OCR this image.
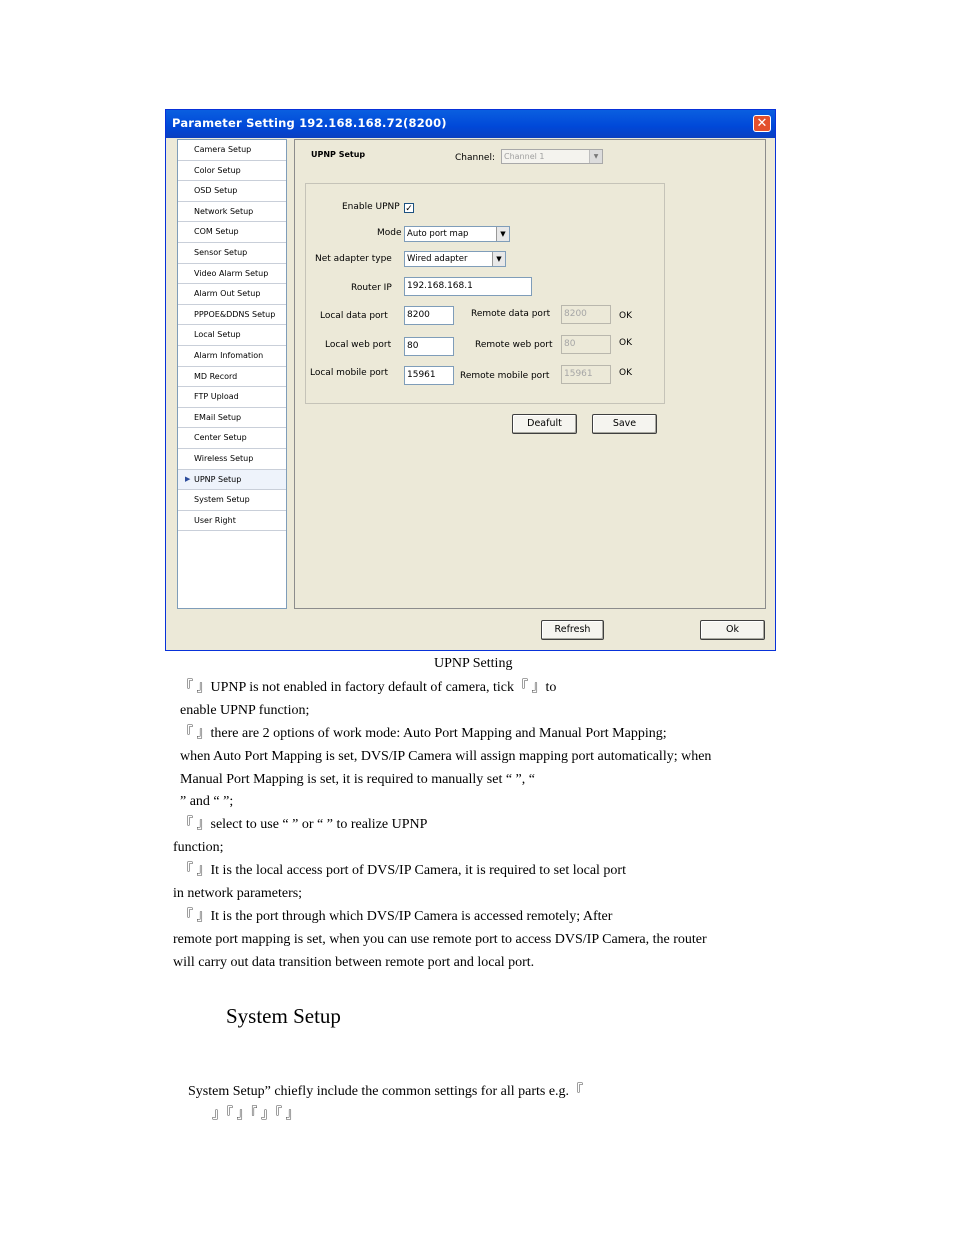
Parameter Setting 192.168.168.72(8200)	✕
Camera Setup
Color Setup
OSD Setup
Network Setup
COM Setup
Sensor Setup
Video Alarm Setup
Alarm Out Setup
PPPOE&DDNS Setup
Local Setup
Alarm Infomation
MD Record
FTP Upload
EMail Setup
Center Setup
Wireless Setup
▶ UPNP Setup
System Setup
User Right
UPNP Setup	Channel:	Channel 1	▼
Enable UPNP ✓
Mode Auto port map	▼
Net adapter type	Wired adapter	▼
Router IP	192.168.168.1
Local data port	8200	Remote data port	8200	OK
Local web port	80	Remote web port	80	OK
Local mobile port	15961	Remote mobile port	15961	OK
Deafult	Save
Refresh	Ok
UPNP Setting
『 』UPNP is not enabled in factory default of camera, tick『 』to
enable UPNP function;
『 』there are 2 options of work mode: Auto Port Mapping and Manual Port Mapping;
when Auto Port Mapping is set, DVS/IP Camera will assign mapping port automatically; when
Manual Port Mapping is set, it is required to manually set “ ”, “
” and “ ”;
『 』select to use “ ” or “ ” to realize UPNP
function;
『 』It is the local access port of DVS/IP Camera, it is required to set local port
in network parameters;
『 』It is the port through which DVS/IP Camera is accessed remotely; After
remote port mapping is set, when you can use remote port to access DVS/IP Camera, the router
will carry out data transition between remote port and local port.
System Setup
System Setup” chiefly include the common settings for all parts e.g.『
』『 』『 』『 』
